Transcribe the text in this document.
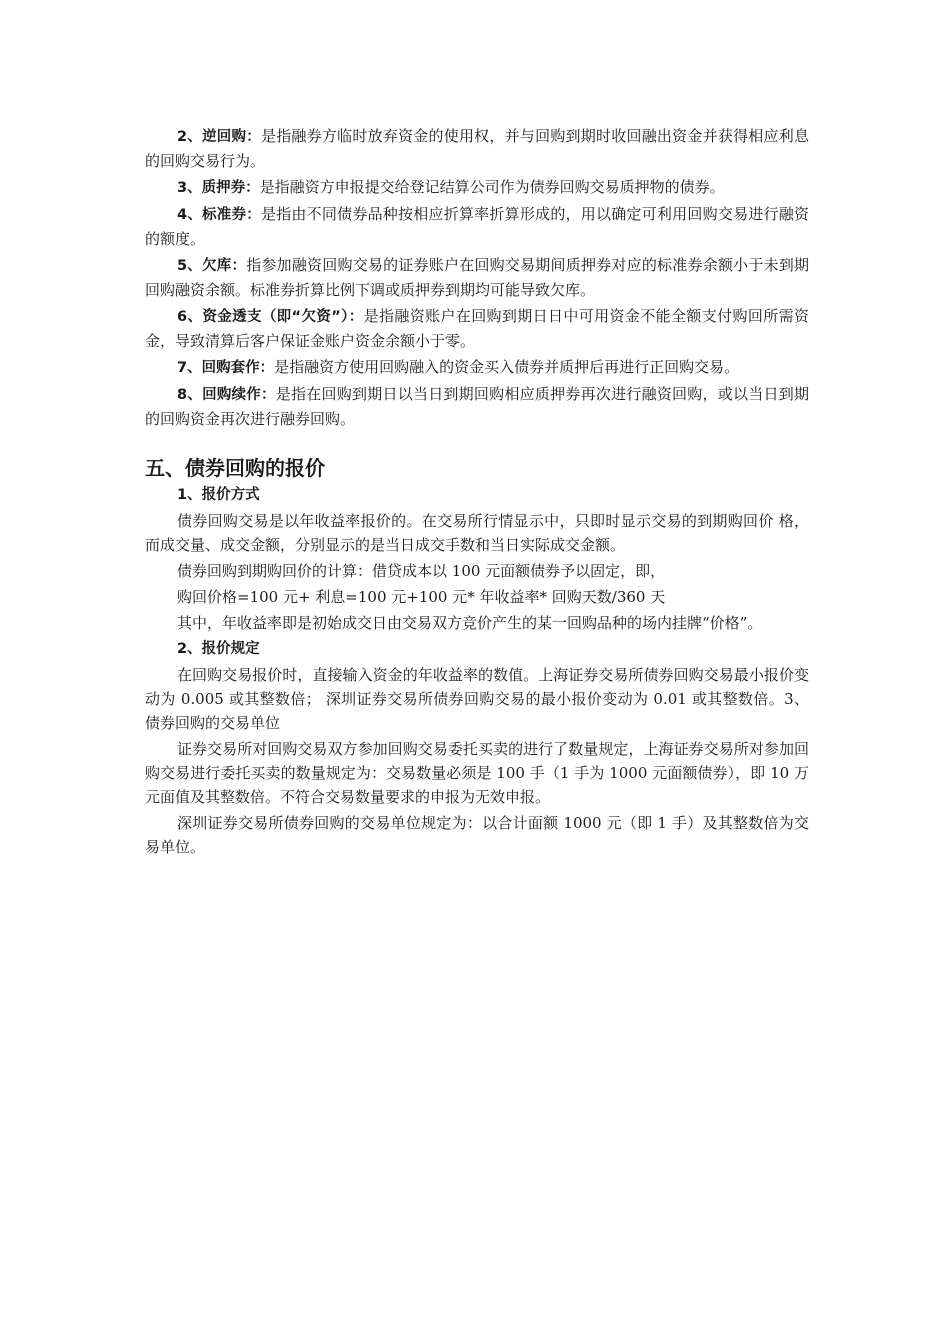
2、逆回购：是指融券方临时放弃资金的使用权，并与回购到期时收回融出资金并获得相应利息的回购交易行为。

3、质押券：是指融资方申报提交给登记结算公司作为债券回购交易质押物的债券。

4、标准券：是指由不同债券品种按相应折算率折算形成的，用以确定可利用回购交易进行融资的额度。

5、欠库：指参加融资回购交易的证券账户在回购交易期间质押券对应的标准券余额小于未到期回购融资余额。标准券折算比例下调或质押券到期均可能导致欠库。

6、资金透支（即“欠资”）：是指融资账户在回购到期日日中可用资金不能全额支付购回所需资金，导致清算后客户保证金账户资金余额小于零。

7、回购套作：是指融资方使用回购融入的资金买入债券并质押后再进行正回购交易。

8、回购续作：是指在回购到期日以当日到期回购相应质押券再次进行融资回购，或以当日到期的回购资金再次进行融券回购。

五、债券回购的报价

1、报价方式

债券回购交易是以年收益率报价的。在交易所行情显示中，只即时显示交易的到期购回价 格，而成交量、成交金额，分别显示的是当日成交手数和当日实际成交金额。

债券回购到期购回价的计算：借贷成本以 100 元面额债券予以固定，即，

购回价格=100 元+ 利息=100 元+100 元* 年收益率* 回购天数/360 天

其中，年收益率即是初始成交日由交易双方竞价产生的某一回购品种的场内挂牌“价格”。

2、报价规定

在回购交易报价时，直接输入资金的年收益率的数值。上海证券交易所债券回购交易最小报价变动为 0.005 或其整数倍； 深圳证券交易所债券回购交易的最小报价变动为 0.01 或其整数倍。3、债券回购的交易单位

证券交易所对回购交易双方参加回购交易委托买卖的进行了数量规定，上海证券交易所对参加回购交易进行委托买卖的数量规定为：交易数量必须是 100 手（1 手为 1000 元面额债券），即 10 万元面值及其整数倍。不符合交易数量要求的申报为无效申报。

深圳证券交易所债券回购的交易单位规定为：以合计面额 1000 元（即 1 手）及其整数倍为交易单位。
